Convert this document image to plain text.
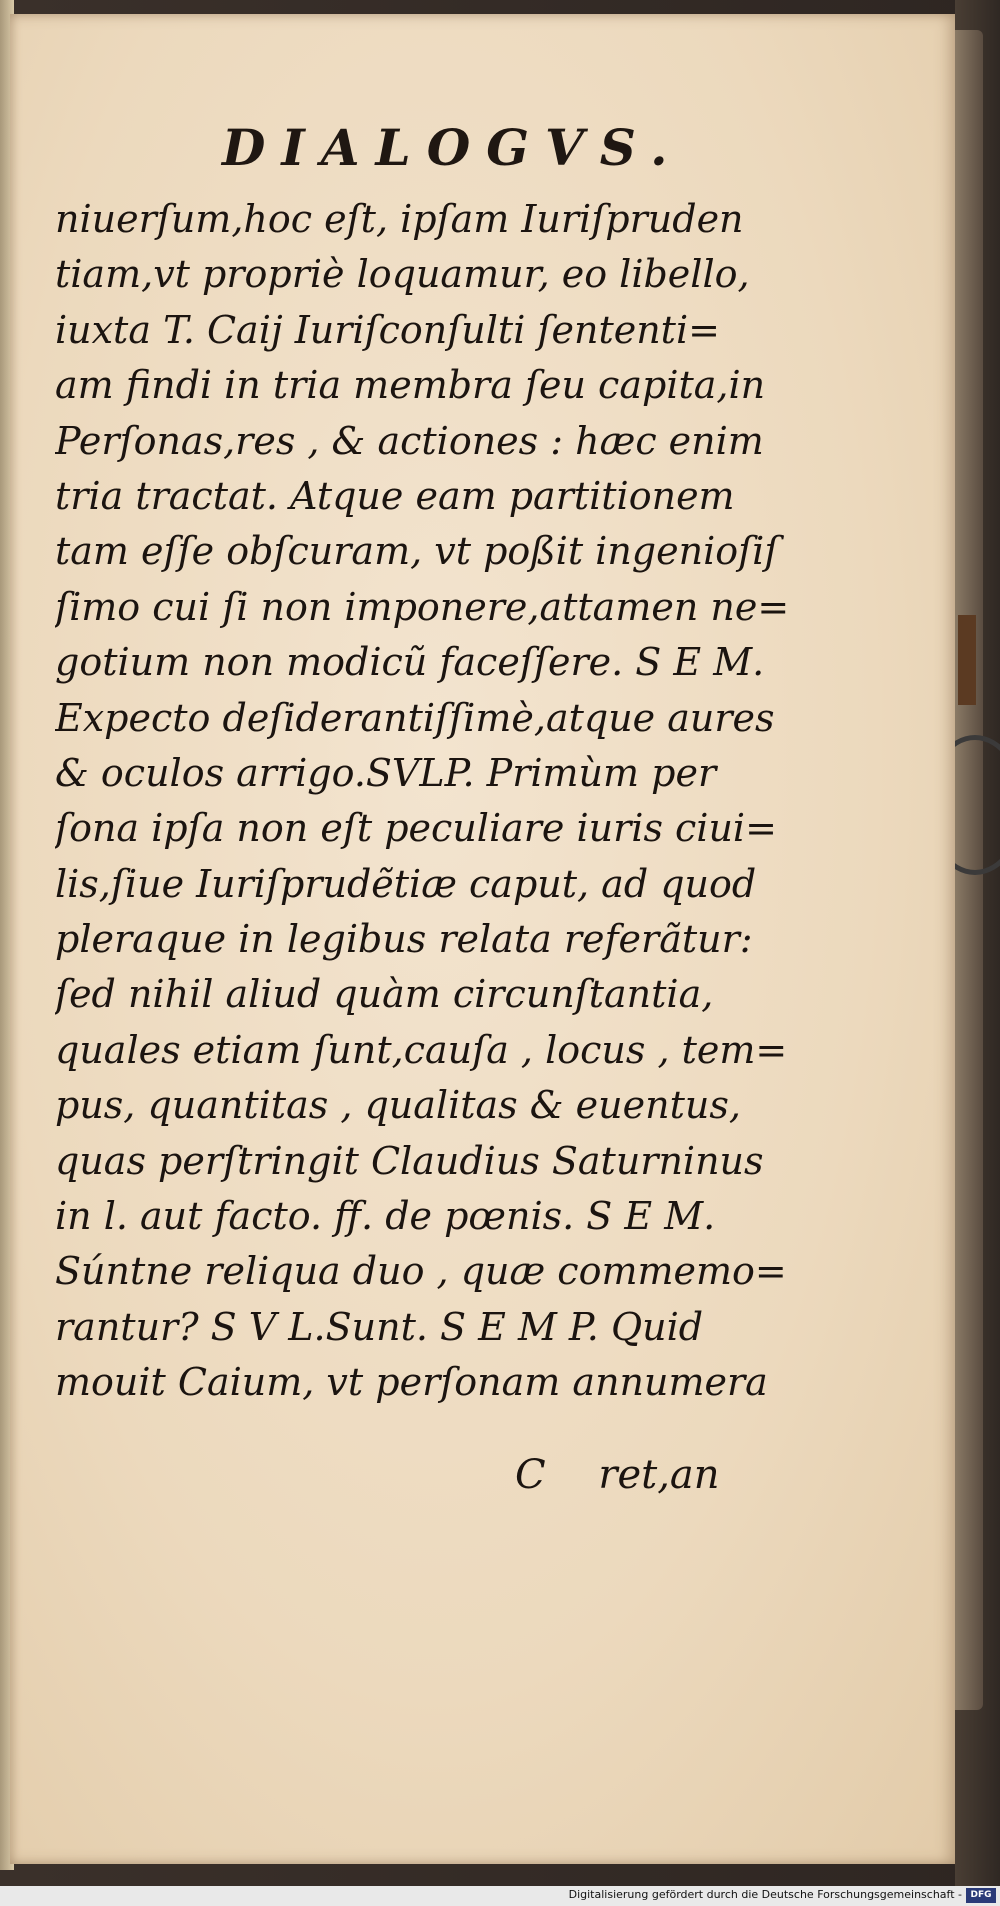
DIALOGVS.
niuerſum,hoc eſt, ipſam Iuriſpruden
tiam,vt propriè loquamur, eo libello,
iuxta T. Caij Iuriſconſulti ſententi=
am findi in tria membra ſeu capita,in
Perſonas,res , & actiones : hæc enim
tria tractat. Atque eam partitionem
tam eſſe obſcuram, vt poßit ingenioſiſ
ſimo cui ſi non imponere,attamen ne=
gotium non modicũ faceſſere. S E M.
Expecto deſiderantiſſimè,atque aures
& oculos arrigo.SVLP. Primùm per
ſona ipſa non eſt peculiare iuris ciui=
lis,ſiue Iuriſprudẽtiæ caput, ad quod
pleraque in legibus relata referãtur:
ſed nihil aliud quàm circunſtantia,
quales etiam ſunt,cauſa , locus , tem=
pus, quantitas , qualitas & euentus,
quas perſtringit Claudius Saturninus
in l. aut facto. ff. de pœnis. S E M.
Súntne reliqua duo , quæ commemo=
rantur? S V L.Sunt. S E M P. Quid
mouit Caium, vt perſonam annumera
C ret,an
Digitalisierung gefördert durch die Deutsche Forschungsgemeinschaft - DFG
